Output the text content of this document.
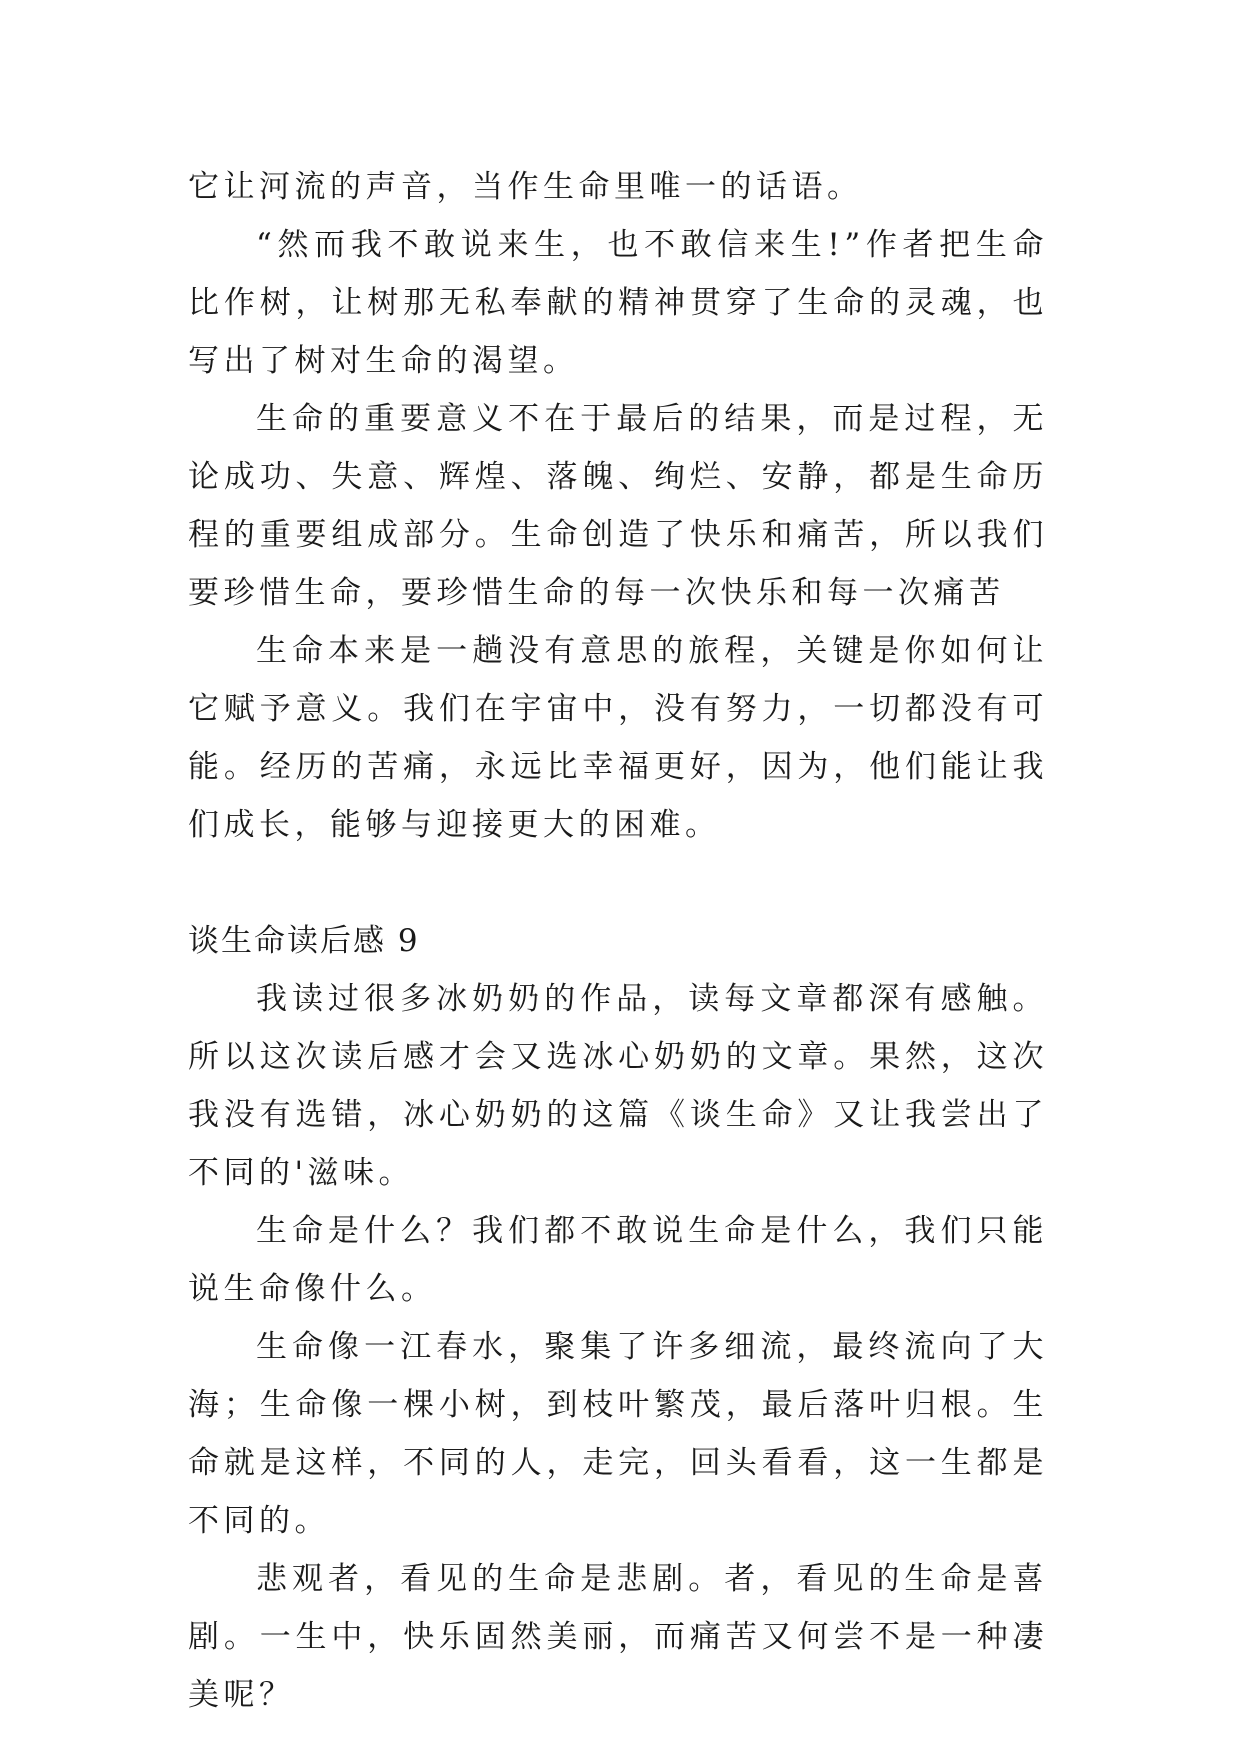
它让河流的声音，当作生命里唯一的话语。

“然而我不敢说来生，也不敢信来生!”作者把生命比作树，让树那无私奉献的精神贯穿了生命的灵魂，也写出了树对生命的渴望。

生命的重要意义不在于最后的结果，而是过程，无论成功、失意、辉煌、落魄、绚烂、安静，都是生命历程的重要组成部分。生命创造了快乐和痛苦，所以我们要珍惜生命，要珍惜生命的每一次快乐和每一次痛苦

生命本来是一趟没有意思的旅程，关键是你如何让它赋予意义。我们在宇宙中，没有努力，一切都没有可能。经历的苦痛，永远比幸福更好，因为，他们能让我们成长，能够与迎接更大的困难。

谈生命读后感 9

我读过很多冰奶奶的作品，读每文章都深有感触。所以这次读后感才会又选冰心奶奶的文章。果然，这次我没有选错，冰心奶奶的这篇《谈生命》又让我尝出了不同的'滋味。

生命是什么？我们都不敢说生命是什么，我们只能说生命像什么。

生命像一江春水，聚集了许多细流，最终流向了大海；生命像一棵小树，到枝叶繁茂，最后落叶归根。生命就是这样，不同的人，走完，回头看看，这一生都是不同的。

悲观者，看见的生命是悲剧。者，看见的生命是喜剧。一生中，快乐固然美丽，而痛苦又何尝不是一种凄美呢？
